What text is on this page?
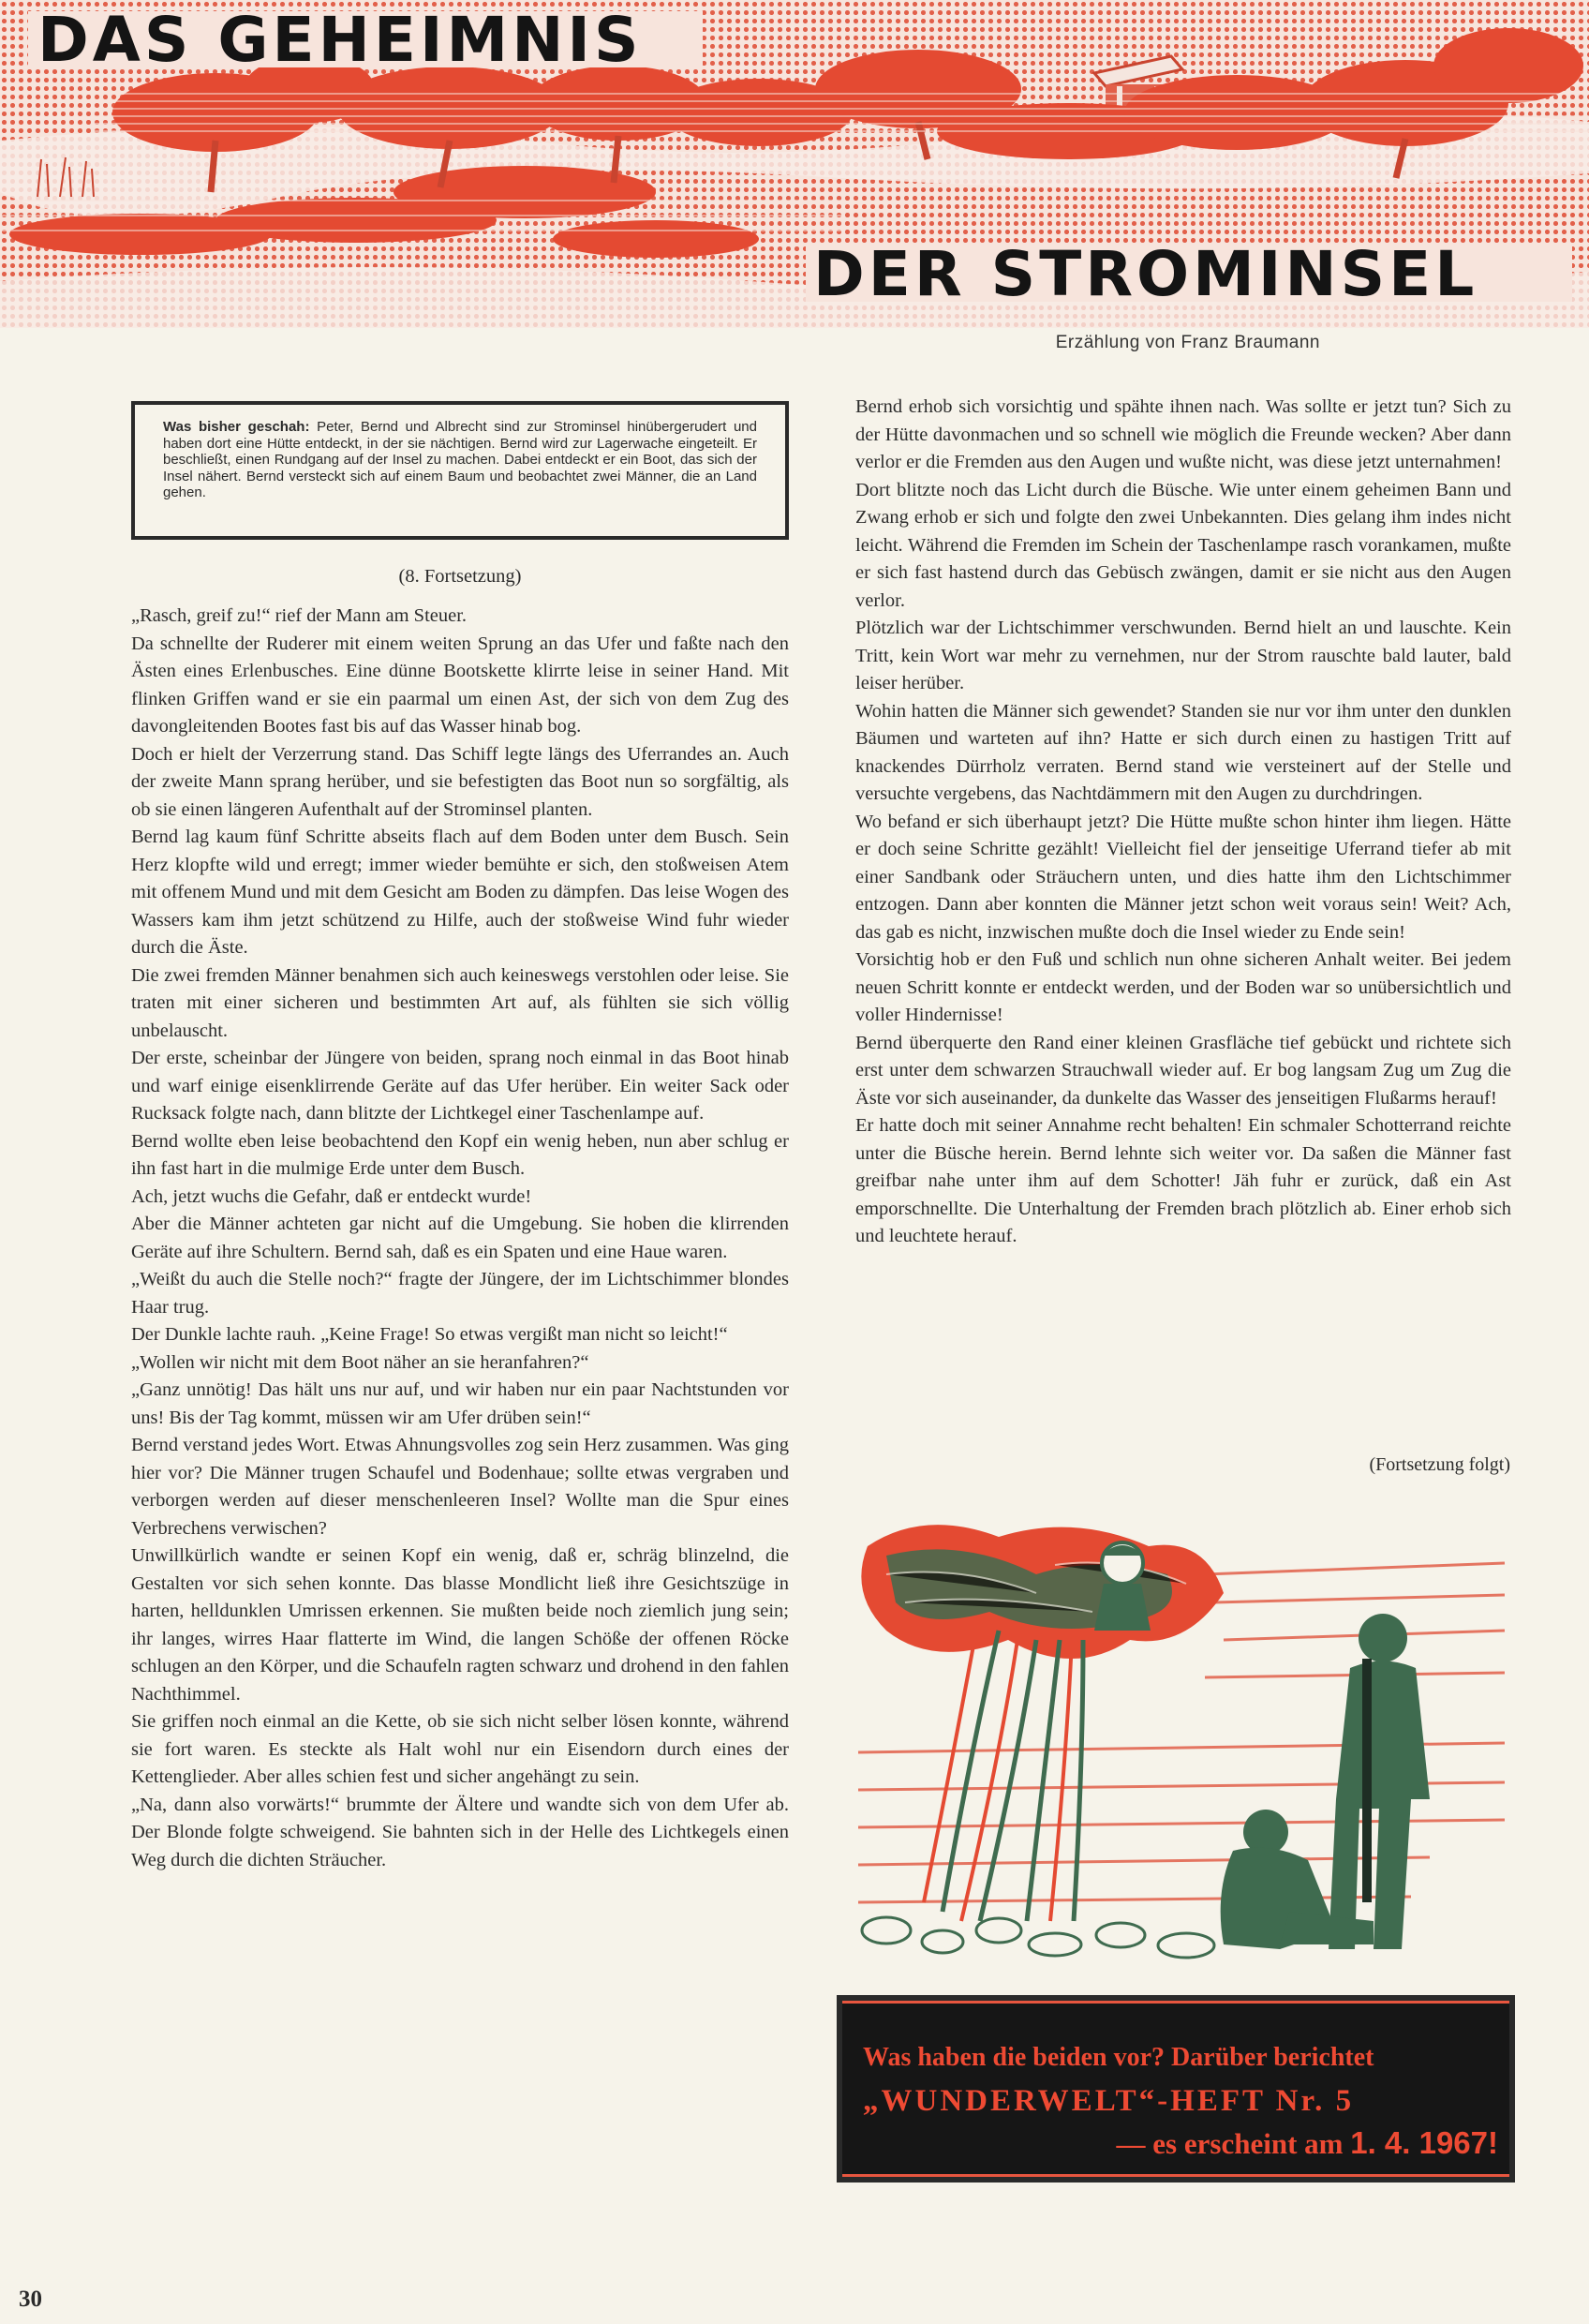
DAS GEHEIMNIS
DER STROMINSEL
Erzählung von Franz Braumann

Was bisher geschah: Peter, Bernd und Albrecht sind zur Strominsel hinübergerudert und haben dort eine Hütte entdeckt, in der sie nächtigen. Bernd wird zur Lagerwache eingeteilt. Er beschließt, einen Rundgang auf der Insel zu machen. Dabei entdeckt er ein Boot, das sich der Insel nähert. Bernd versteckt sich auf einem Baum und beobachtet zwei Männer, die an Land gehen.

(8. Fortsetzung)

„Rasch, greif zu!“ rief der Mann am Steuer.

Da schnellte der Ruderer mit einem weiten Sprung an das Ufer und faßte nach den Ästen eines Erlenbusches. Eine dünne Bootskette klirrte leise in seiner Hand. Mit flinken Griffen wand er sie ein paarmal um einen Ast, der sich von dem Zug des davongleitenden Bootes fast bis auf das Wasser hinab bog.

Doch er hielt der Verzerrung stand. Das Schiff legte längs des Uferrandes an. Auch der zweite Mann sprang herüber, und sie befestigten das Boot nun so sorgfältig, als ob sie einen längeren Aufenthalt auf der Strominsel planten.

Bernd lag kaum fünf Schritte abseits flach auf dem Boden unter dem Busch. Sein Herz klopfte wild und erregt; immer wieder bemühte er sich, den stoßweisen Atem mit offenem Mund und mit dem Gesicht am Boden zu dämpfen. Das leise Wogen des Wassers kam ihm jetzt schützend zu Hilfe, auch der stoßweise Wind fuhr wieder durch die Äste.

Die zwei fremden Männer benahmen sich auch keineswegs verstohlen oder leise. Sie traten mit einer sicheren und bestimmten Art auf, als fühlten sie sich völlig unbelauscht.

Der erste, scheinbar der Jüngere von beiden, sprang noch einmal in das Boot hinab und warf einige eisenklirrende Geräte auf das Ufer herüber. Ein weiter Sack oder Rucksack folgte nach, dann blitzte der Lichtkegel einer Taschenlampe auf.

Bernd wollte eben leise beobachtend den Kopf ein wenig heben, nun aber schlug er ihn fast hart in die mulmige Erde unter dem Busch.

Ach, jetzt wuchs die Gefahr, daß er entdeckt wurde!

Aber die Männer achteten gar nicht auf die Umgebung. Sie hoben die klirrenden Geräte auf ihre Schultern. Bernd sah, daß es ein Spaten und eine Haue waren.

„Weißt du auch die Stelle noch?“ fragte der Jüngere, der im Lichtschimmer blondes Haar trug.

Der Dunkle lachte rauh. „Keine Frage! So etwas vergißt man nicht so leicht!“

„Wollen wir nicht mit dem Boot näher an sie heranfahren?“

„Ganz unnötig! Das hält uns nur auf, und wir haben nur ein paar Nachtstunden vor uns! Bis der Tag kommt, müssen wir am Ufer drüben sein!“

Bernd verstand jedes Wort. Etwas Ahnungsvolles zog sein Herz zusammen. Was ging hier vor? Die Männer trugen Schaufel und Bodenhaue; sollte etwas vergraben und verborgen werden auf dieser menschenleeren Insel? Wollte man die Spur eines Verbrechens verwischen?

Unwillkürlich wandte er seinen Kopf ein wenig, daß er, schräg blinzelnd, die Gestalten vor sich sehen konnte. Das blasse Mondlicht ließ ihre Gesichtszüge in harten, helldunklen Umrissen erkennen. Sie mußten beide noch ziemlich jung sein; ihr langes, wirres Haar flatterte im Wind, die langen Schöße der offenen Röcke schlugen an den Körper, und die Schaufeln ragten schwarz und drohend in den fahlen Nachthimmel.

Sie griffen noch einmal an die Kette, ob sie sich nicht selber lösen konnte, während sie fort waren. Es steckte als Halt wohl nur ein Eisendorn durch eines der Kettenglieder. Aber alles schien fest und sicher angehängt zu sein.

„Na, dann also vorwärts!“ brummte der Ältere und wandte sich von dem Ufer ab. Der Blonde folgte schweigend. Sie bahnten sich in der Helle des Lichtkegels einen Weg durch die dichten Sträucher.

Bernd erhob sich vorsichtig und spähte ihnen nach. Was sollte er jetzt tun? Sich zu der Hütte davonmachen und so schnell wie möglich die Freunde wecken? Aber dann verlor er die Fremden aus den Augen und wußte nicht, was diese jetzt unternahmen!

Dort blitzte noch das Licht durch die Büsche. Wie unter einem geheimen Bann und Zwang erhob er sich und folgte den zwei Unbekannten. Dies gelang ihm indes nicht leicht. Während die Fremden im Schein der Taschenlampe rasch vorankamen, mußte er sich fast hastend durch das Gebüsch zwängen, damit er sie nicht aus den Augen verlor.

Plötzlich war der Lichtschimmer verschwunden. Bernd hielt an und lauschte. Kein Tritt, kein Wort war mehr zu vernehmen, nur der Strom rauschte bald lauter, bald leiser herüber.

Wohin hatten die Männer sich gewendet? Standen sie nur vor ihm unter den dunklen Bäumen und warteten auf ihn? Hatte er sich durch einen zu hastigen Tritt auf knackendes Dürrholz verraten. Bernd stand wie versteinert auf der Stelle und versuchte vergebens, das Nachtdämmern mit den Augen zu durchdringen.

Wo befand er sich überhaupt jetzt? Die Hütte mußte schon hinter ihm liegen. Hätte er doch seine Schritte gezählt! Vielleicht fiel der jenseitige Uferrand tiefer ab mit einer Sandbank oder Sträuchern unten, und dies hatte ihm den Lichtschimmer entzogen. Dann aber konnten die Männer jetzt schon weit voraus sein! Weit? Ach, das gab es nicht, inzwischen mußte doch die Insel wieder zu Ende sein!

Vorsichtig hob er den Fuß und schlich nun ohne sicheren Anhalt weiter. Bei jedem neuen Schritt konnte er entdeckt werden, und der Boden war so unübersichtlich und voller Hindernisse!

Bernd überquerte den Rand einer kleinen Grasfläche tief gebückt und richtete sich erst unter dem schwarzen Strauchwall wieder auf. Er bog langsam Zug um Zug die Äste vor sich auseinander, da dunkelte das Wasser des jenseitigen Flußarms herauf!

Er hatte doch mit seiner Annahme recht behalten! Ein schmaler Schotterrand reichte unter die Büsche herein. Bernd lehnte sich weiter vor. Da saßen die Männer fast greifbar nahe unter ihm auf dem Schotter! Jäh fuhr er zurück, daß ein Ast emporschnellte. Die Unterhaltung der Fremden brach plötzlich ab. Einer erhob sich und leuchtete herauf.

(Fortsetzung folgt)

Was haben die beiden vor? Darüber berichtet

„WUNDERWELT“-HEFT Nr. 5

— es erscheint am 1. 4. 1967!

30
